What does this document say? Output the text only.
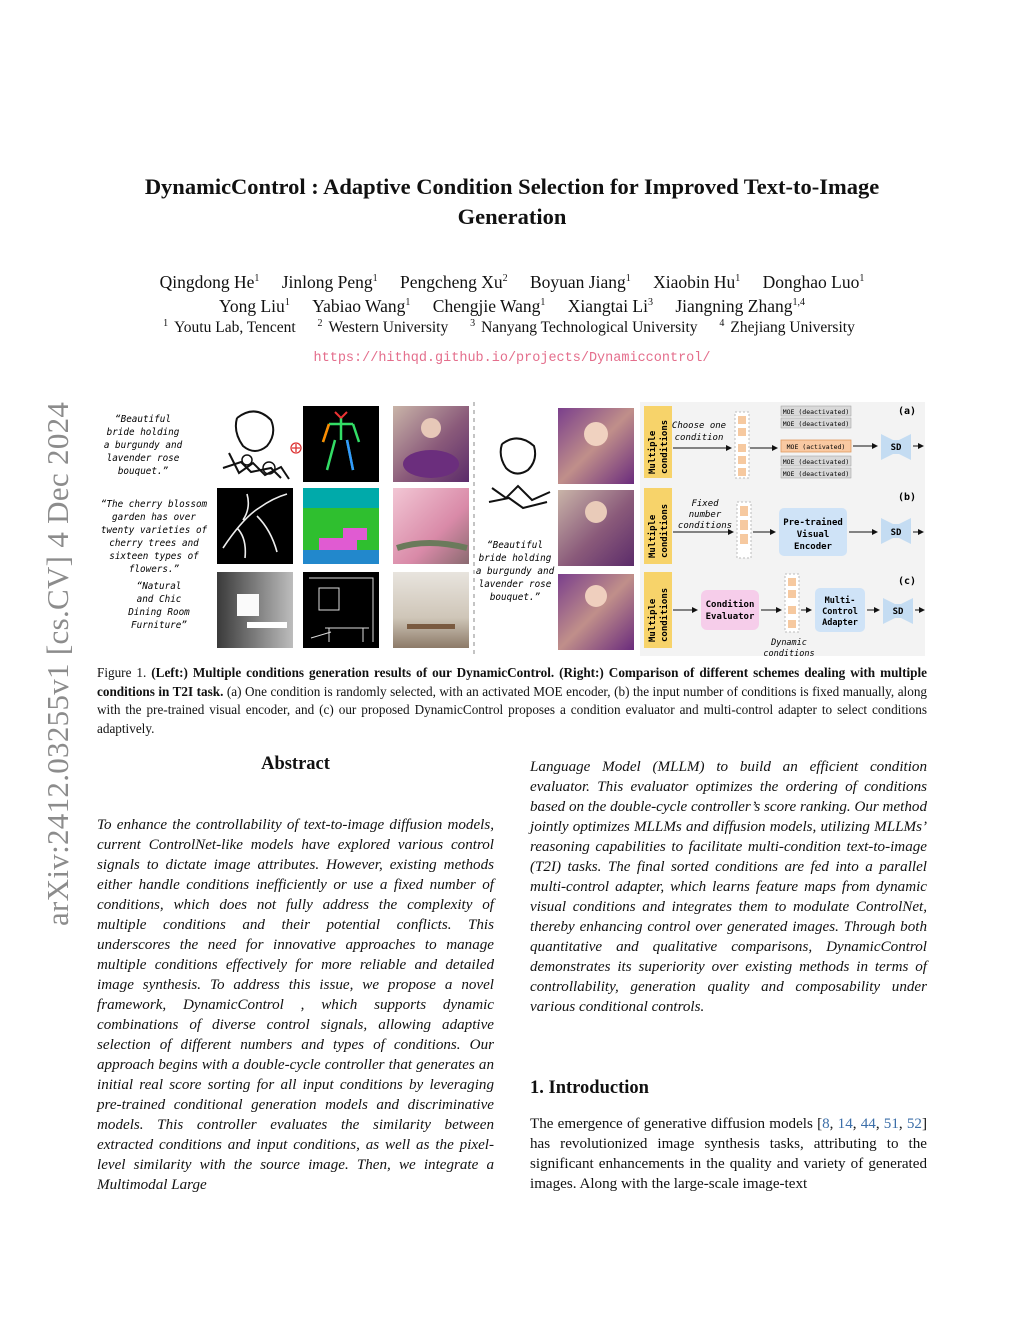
arXiv:2412.03255v1 [cs.CV] 4 Dec 2024
DynamicControl : Adaptive Condition Selection for Improved Text-to-Image
Generation
Qingdong He$^1$ Jinlong Peng$^1$ Pengcheng Xu$^2$ Boyuan Jiang$^1$ Xiaobin Hu$^1$ Donghao Luo$^1$
Yong Liu$^1$ Yabiao Wang$^1$ Chengjie Wang$^1$ Xiangtai Li$^3$ Jiangning Zhang$^{1,4}$
$^1$ Youtu Lab, Tencent $^2$ Western University $^3$ Nanyang Technological University $^4$ Zhejiang University
https://hithqd.github.io/projects/Dynamiccontrol/
“Beautiful
bride holding
a burgundy and
lavender rose
bouquet.”
“The cherry blossom
garden has over
twenty varieties of
cherry trees and
sixteen types of
flowers.”
“Natural
and Chic
Dining Room
Furniture”
“Beautiful
bride holding
a burgundy and
lavender rose
bouquet.”
Multiple conditions Choose one
condition
MOE (deactivated)
MOE (deactivated)
MOE (activated)
MOE (deactivated)
MOE (deactivated)
SD
(a)
Multiple conditions Fixed
number
conditions	Pre-trained
Visual
Encoder
SD
(b)
Multiple conditions	Condition
Evaluator
Dynamic
conditions
Multi-
Control
Adapter
SD
(c)
Figure 1. (Left:) Multiple conditions generation results of our DynamicControl. (Right:) Comparison of different schemes dealing with multiple conditions in T2I task. (a) One condition is randomly selected, with an activated MOE encoder, (b) the input number of conditions is fixed manually, along with the pre-trained visual encoder, and (c) our proposed DynamicControl proposes a condition evaluator and multi-control adapter to select conditions adaptively.
Abstract
To enhance the controllability of text-to-image diffusion models, current ControlNet-like models have explored various control signals to dictate image attributes. However, existing methods either handle conditions inefficiently or use a fixed number of conditions, which does not fully address the complexity of multiple conditions and their potential conflicts. This underscores the need for innovative approaches to manage multiple conditions effectively for more reliable and detailed image synthesis. To address this issue, we propose a novel framework, DynamicControl , which supports dynamic combinations of diverse control signals, allowing adaptive selection of different numbers and types of conditions. Our approach begins with a double-cycle controller that generates an initial real score sorting for all input conditions by leveraging pre-trained conditional generation models and discriminative models. This controller evaluates the similarity between extracted conditions and input conditions, as well as the pixel-level similarity with the source image. Then, we integrate a Multimodal Large
Language Model (MLLM) to build an efficient condition evaluator. This evaluator optimizes the ordering of conditions based on the double-cycle controller’s score ranking. Our method jointly optimizes MLLMs and diffusion models, utilizing MLLMs’ reasoning capabilities to facilitate multi-condition text-to-image (T2I) tasks. The final sorted conditions are fed into a parallel multi-control adapter, which learns feature maps from dynamic visual conditions and integrates them to modulate ControlNet, thereby enhancing control over generated images. Through both quantitative and qualitative comparisons, DynamicControl demonstrates its superiority over existing methods in terms of controllability, generation quality and composability under various conditional controls.
1. Introduction
The emergence of generative diffusion models [8, 14, 44, 51, 52] has revolutionized image synthesis tasks, attributing to the significant enhancements in the quality and variety of generated images. Along with the large-scale image-text
